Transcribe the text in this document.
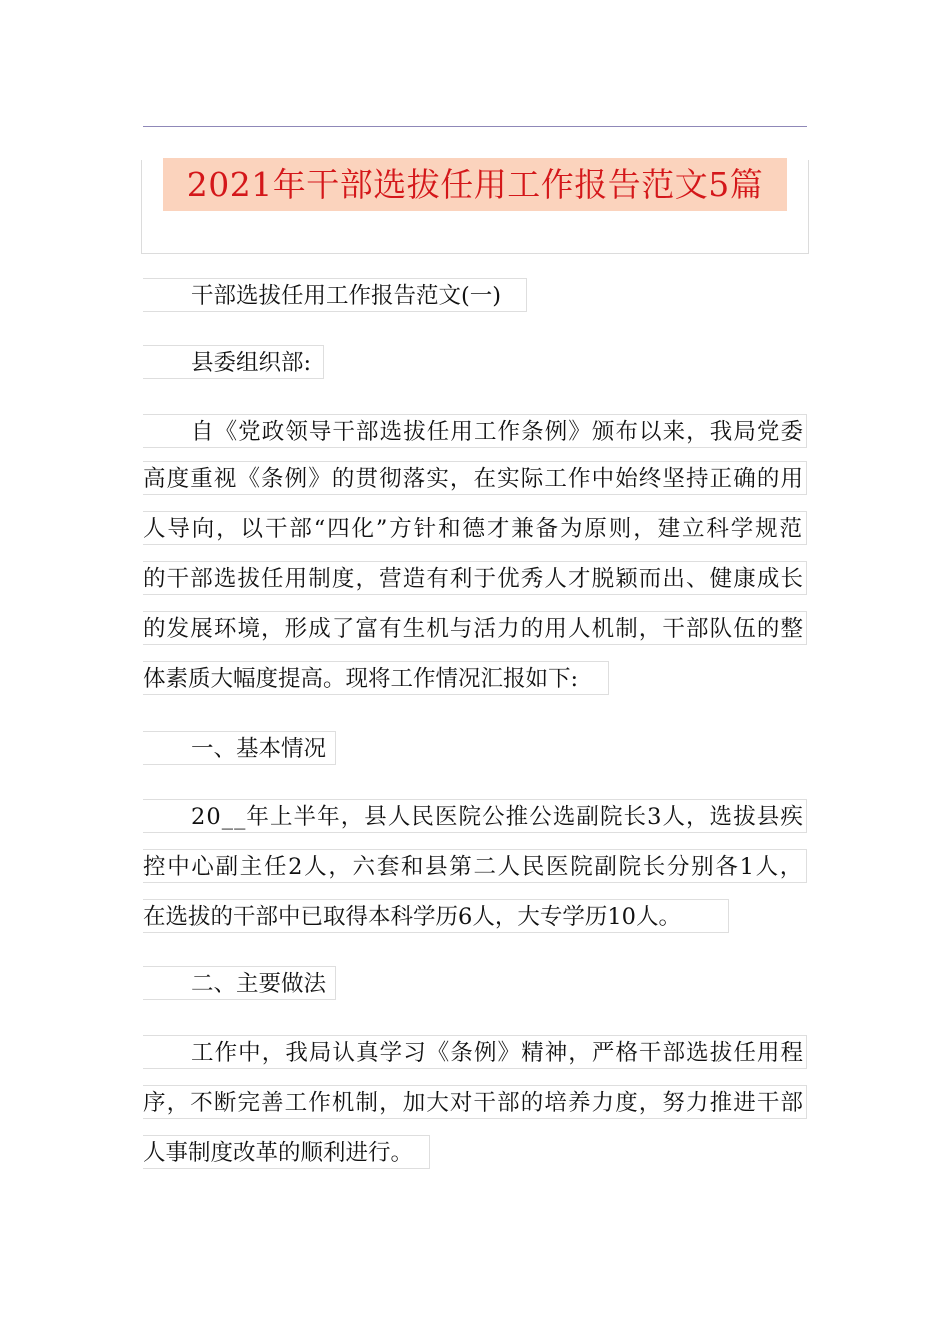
2021年干部选拔任用工作报告范文5篇
干部选拔任用工作报告范文(一)
县委组织部:
自《党政领导干部选拔任用工作条例》颁布以来，我局党委
高度重视《条例》的贯彻落实，在实际工作中始终坚持正确的用
人导向，以干部“四化”方针和德才兼备为原则，建立科学规范
的干部选拔任用制度，营造有利于优秀人才脱颖而出、健康成长
的发展环境，形成了富有生机与活力的用人机制，干部队伍的整
体素质大幅度提高。现将工作情况汇报如下:
一、基本情况
20__年上半年，县人民医院公推公选副院长3人，选拔县疾
控中心副主任2人，六套和县第二人民医院副院长分别各1人，
在选拔的干部中已取得本科学历6人，大专学历10人。
二、主要做法
工作中，我局认真学习《条例》精神，严格干部选拔任用程
序，不断完善工作机制，加大对干部的培养力度，努力推进干部
人事制度改革的顺利进行。
